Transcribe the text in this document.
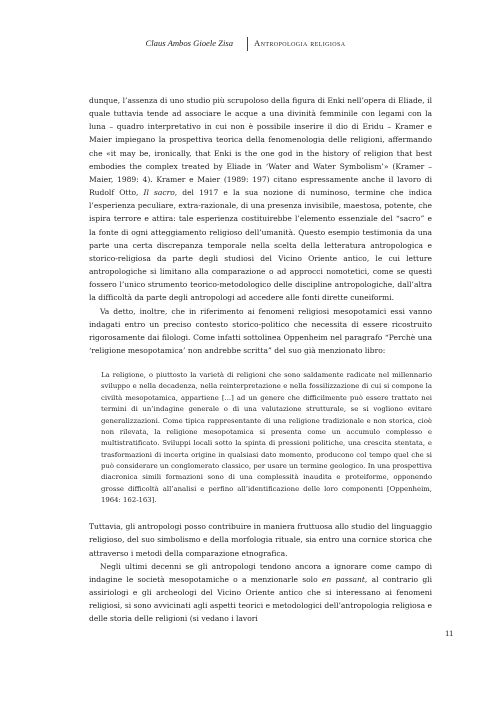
Claus Ambos Gioele Zisa Antropologia religiosa

dunque, l’assenza di uno studio più scrupoloso della figura di Enki nell’opera di Eliade, il quale tuttavia tende ad associare le acque a una divinità femminile con legami con la luna – quadro interpretativo in cui non è possibile inserire il dio di Eridu – Kramer e Maier impiegano la prospettiva teorica della fenomenologia delle religioni, affermando che «it may be, ironically, that Enki is the one god in the history of religion that best embodies the complex treated by Eliade in ‘Water and Water Symbolism’» (Kramer – Maier, 1989: 4). Kramer e Maier (1989: 197) citano espressamente anche il lavoro di Rudolf Otto, Il sacro, del 1917 e la sua nozione di numinoso, termine che indica l’esperienza peculiare, extra-razionale, di una presenza invisibile, maestosa, potente, che ispira terrore e attira: tale esperienza costituirebbe l’elemento essenziale del “sacro” e la fonte di ogni atteggiamento religioso dell’umanità. Questo esempio testimonia da una parte una certa discrepanza temporale nella scelta della letteratura antropologica e storico-religiosa da parte degli studiosi del Vicino Oriente antico, le cui letture antropologiche si limitano alla comparazione o ad approcci nomotetici, come se questi fossero l’unico strumento teorico-metodologico delle discipline antropologiche, dall’altra la difficoltà da parte degli antropologi ad accedere alle fonti dirette cuneiformi.

Va detto, inoltre, che in riferimento ai fenomeni religiosi mesopotamici essi vanno indagati entro un preciso contesto storico-politico che necessita di essere ricostruito rigorosamente dai filologi. Come infatti sottolinea Oppenheim nel paragrafo “Perchè una ‘religione mesopotamica’ non andrebbe scritta” del suo già menzionato libro:

La religione, o piuttosto la varietà di religioni che sono saldamente radicate nel millennario sviluppo e nella decadenza, nella reinterpretazione e nella fossilizzazione di cui si compone la civiltà mesopotamica, appartiene [...] ad un genere che difficilmente può essere trattato nei termini di un’indagine generale o di una valutazione strutturale, se si vogliono evitare generalizzazioni. Come tipica rappresentante di una religione tradizionale e non storica, cioè non rilevata, la religione mesopotamica si presenta come un accumulo complesso e multistratificato. Sviluppi locali sotto la spinta di pressioni politiche, una crescita stentata, e trasformazioni di incerta origine in qualsiasi dato momento, producono col tempo quel che si può considerare un conglomerato classico, per usare un termine geologico. In una prospettiva diacronica simili formazioni sono di una complessità inaudita e proteiforme, opponendo grosse difficoltà all’analisi e perfino all’identificazione delle loro componenti [Oppenheim, 1964: 162-163].

Tuttavia, gli antropologi posso contribuire in maniera fruttuosa allo studio del linguaggio religioso, del suo simbolismo e della morfologia rituale, sia entro una cornice storica che attraverso i metodi della comparazione etnografica.

Negli ultimi decenni se gli antropologi tendono ancora a ignorare come campo di indagine le società mesopotamiche o a menzionarle solo en passant, al contrario gli assiriologi e gli archeologi del Vicino Oriente antico che si interessano ai fenomeni religiosi, si sono avvicinati agli aspetti teorici e metodologici dell’antropologia religiosa e delle storia delle religioni (si vedano i lavori

11
